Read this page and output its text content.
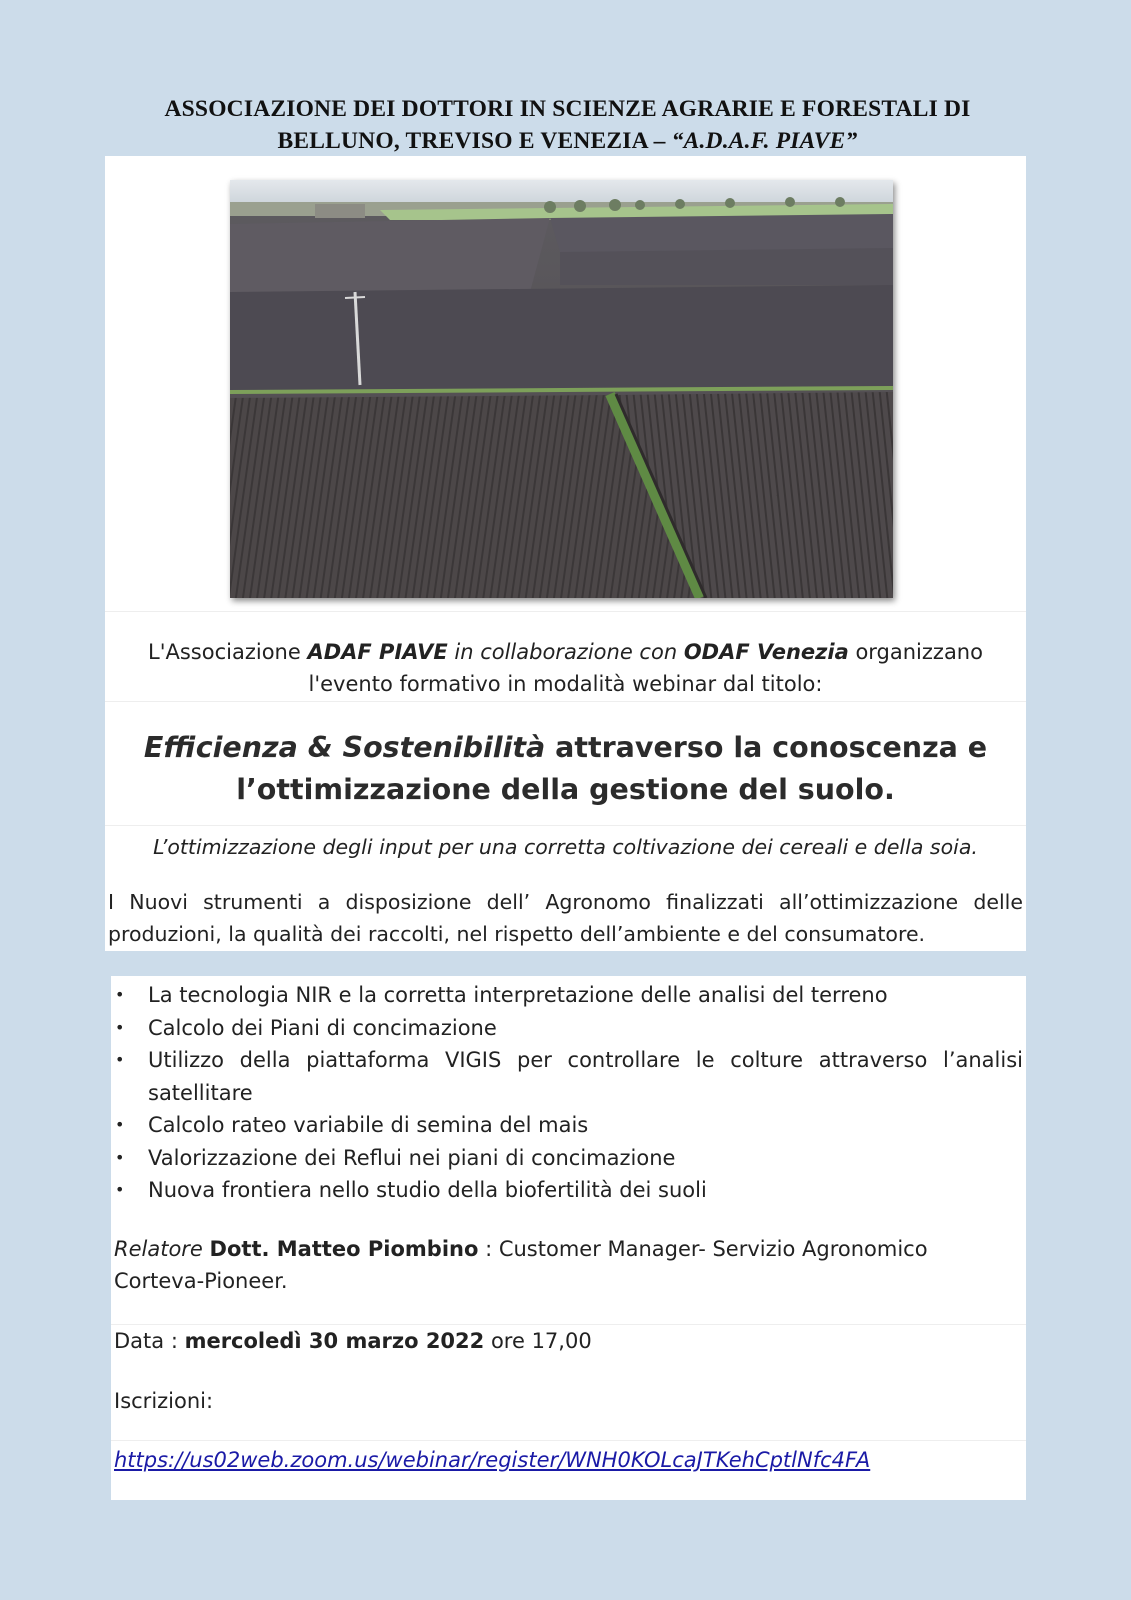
ASSOCIAZIONE DEI DOTTORI IN SCIENZE AGRARIE E FORESTALI DI
BELLUNO, TREVISO E VENEZIA – “A.D.A.F. PIAVE”
L'Associazione ADAF PIAVE in collaborazione con ODAF Venezia organizzano
l'evento formativo in modalità webinar dal titolo:
Efficienza & Sostenibilità attraverso la conoscenza e
l’ottimizzazione della gestione del suolo.
L’ottimizzazione degli input per una corretta coltivazione dei cereali e della soia.
I Nuovi strumenti a disposizione dell’ Agronomo finalizzati all’ottimizzazione delle produzioni, la qualità dei raccolti, nel rispetto dell’ambiente e del consumatore.
• La tecnologia NIR e la corretta interpretazione delle analisi del terreno
• Calcolo dei Piani di concimazione
• Utilizzo della piattaforma VIGIS per controllare le colture attraverso l’analisi satellitare
• Calcolo rateo variabile di semina del mais
• Valorizzazione dei Reflui nei piani di concimazione
• Nuova frontiera nello studio della biofertilità dei suoli
Relatore Dott. Matteo Piombino : Customer Manager- Servizio Agronomico Corteva-Pioneer.
Data : mercoledì 30 marzo 2022 ore 17,00
Iscrizioni:
https://us02web.zoom.us/webinar/register/WNH0KOLcaJTKehCptlNfc4FA
